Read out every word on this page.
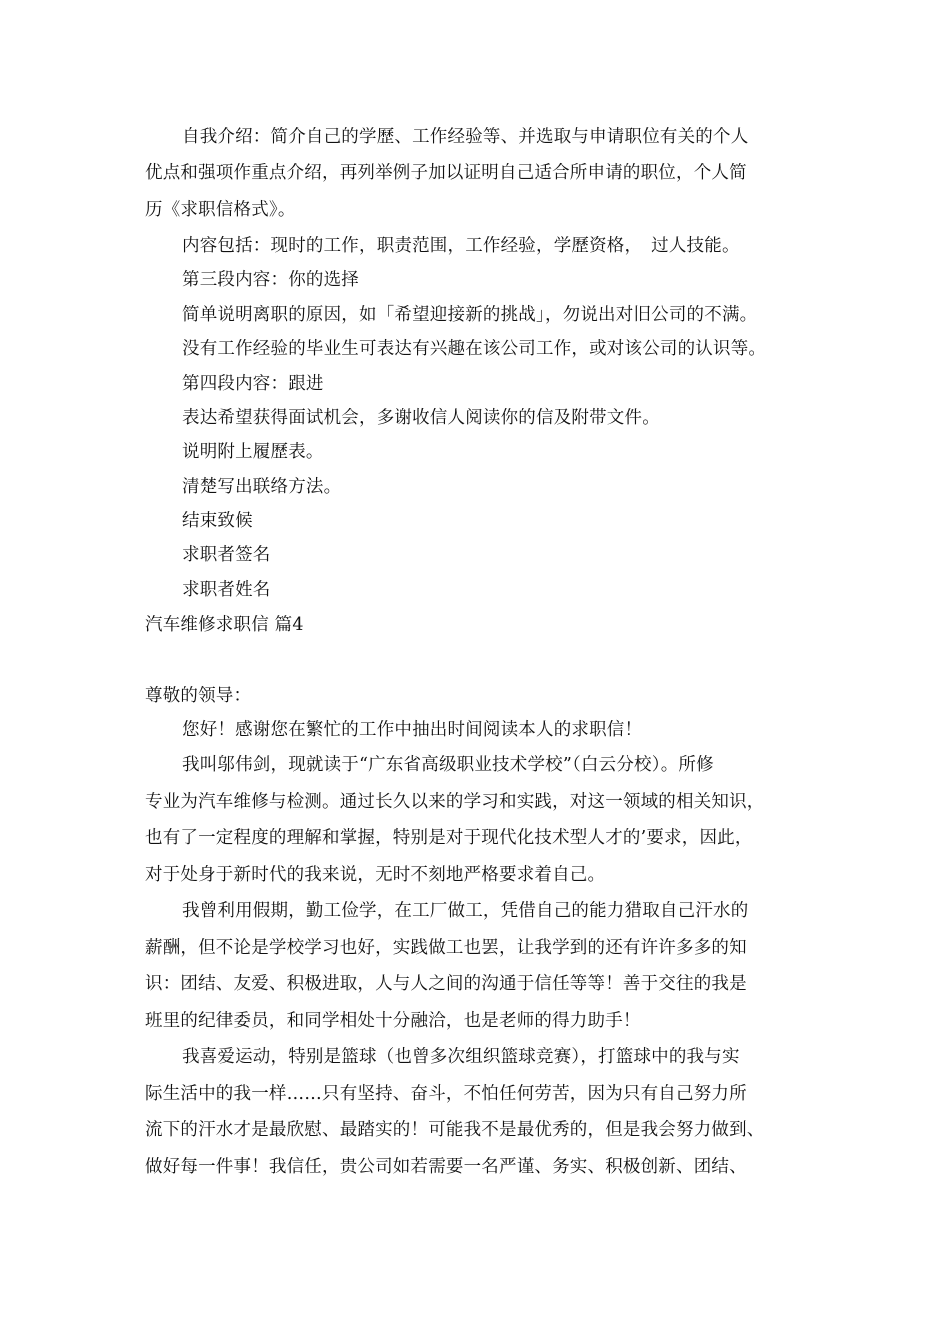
自我介绍：简介自己的学歷、工作经验等、并选取与申请职位有关的个人
优点和强项作重点介绍，再列举例子加以证明自己适合所申请的职位，个人简
历《求职信格式》。
内容包括：现时的工作，职责范围，工作经验，学歷资格，　过人技能。
第三段内容：你的选择
简单说明离职的原因，如「希望迎接新的挑战」，勿说出对旧公司的不满。
没有工作经验的毕业生可表达有兴趣在该公司工作，或对该公司的认识等。
第四段内容：跟进
表达希望获得面试机会，多谢收信人阅读你的信及附带文件。
说明附上履歷表。
清楚写出联络方法。
结束致候
求职者签名
求职者姓名
汽车维修求职信 篇4
尊敬的领导：
您好！感谢您在繁忙的工作中抽出时间阅读本人的求职信！
我叫邬伟剑，现就读于“广东省高级职业技术学校”（白云分校）。所修
专业为汽车维修与检测。通过长久以来的学习和实践，对这一领域的相关知识，
也有了一定程度的理解和掌握，特别是对于现代化技术型人才的’要求，因此，
对于处身于新时代的我来说，无时不刻地严格要求着自己。
我曾利用假期，勤工俭学，在工厂做工，凭借自己的能力猎取自己汗水的
薪酬，但不论是学校学习也好，实践做工也罢，让我学到的还有许许多多的知
识：团结、友爱、积极进取，人与人之间的沟通于信任等等！善于交往的我是
班里的纪律委员，和同学相处十分融洽，也是老师的得力助手！
我喜爱运动，特别是篮球（也曾多次组织篮球竞赛），打篮球中的我与实
际生活中的我一样……只有坚持、奋斗，不怕任何劳苦，因为只有自己努力所
流下的汗水才是最欣慰、最踏实的！可能我不是最优秀的，但是我会努力做到、
做好每一件事！我信任，贵公司如若需要一名严谨、务实、积极创新、团结、
